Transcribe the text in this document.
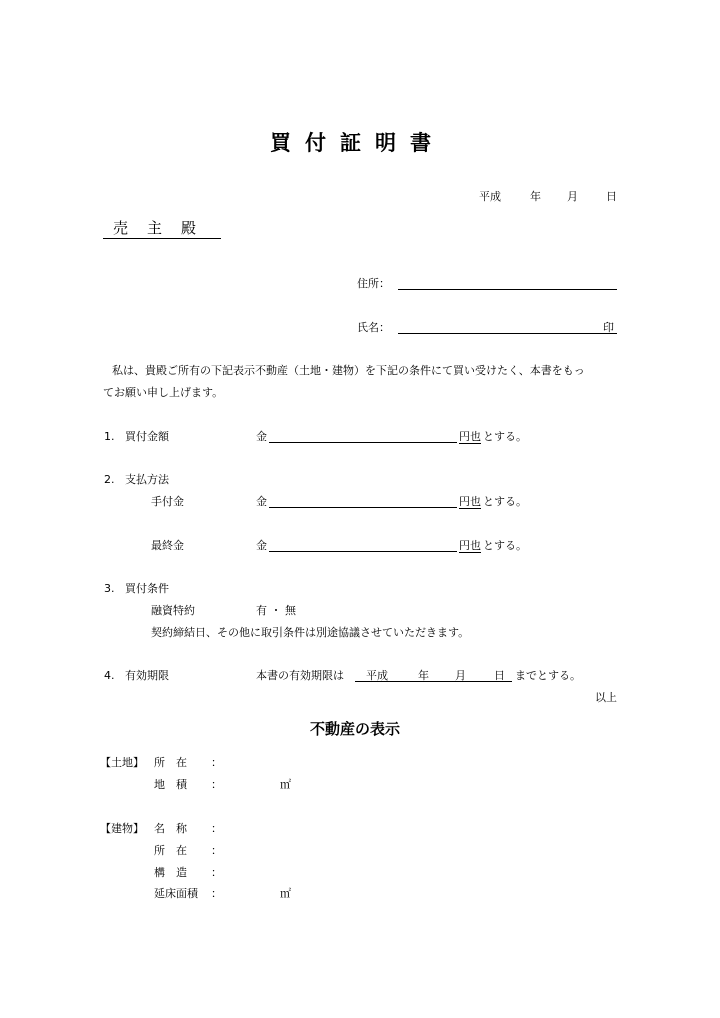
買付証明書
平成	年 月	日
売主殿
住所：
氏名：	印
私は、貴殿ご所有の下記表示不動産（土地・建物）を下記の条件にて買い受けたく、本書をもっ
てお願い申し上げます。
1. 買付金額	金	円也 とする。
2. 支払方法
手付金	金	円也 とする。
最終金	金	円也 とする。
3. 買付条件
融資特約	有 ・ 無
契約締結日、その他に取引条件は別途協議させていただきます。
4. 有効期限	本書の有効期限は 平成	年 月	日 までとする。
以上
不動産の表示
【土地】 所　在 ：
地　積 ：	㎡
【建物】 名　称 ：
所　在 ：
構　造 ：
延床面積 ：	㎡
